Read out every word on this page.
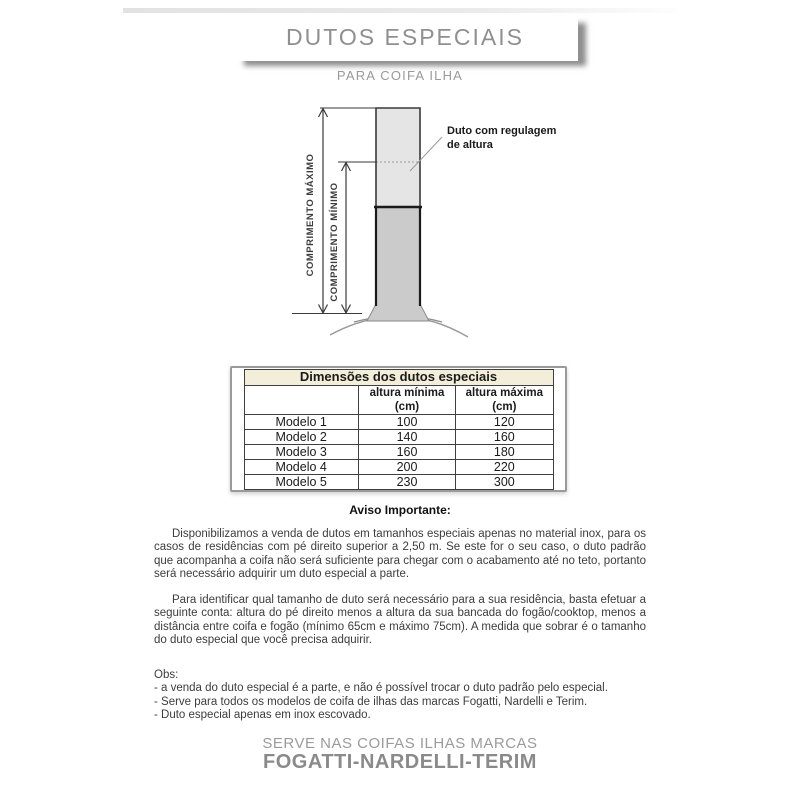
DUTOS ESPECIAIS
PARA COIFA ILHA
COMPRIMENTO MÁXIMO COMPRIMENTO MÍNIMO
Duto com regulagem
de altura
Dimensões dos dutos especiais		
	altura mínima (cm)	altura máxima (cm)
Modelo 1	100	120
Modelo 2	140	160
Modelo 3	160	180
Modelo 4	200	220
Modelo 5	230	300
Aviso Importante:

Disponibilizamos a venda de dutos em tamanhos especiais apenas no material inox, para os casos de residências com pé direito superior a 2,50 m. Se este for o seu caso, o duto padrão que acompanha a coifa não será suficiente para chegar com o acabamento até no teto, portanto será necessário adquirir um duto especial a parte.

Para identificar qual tamanho de duto será necessário para a sua residência, basta efetuar a seguinte conta: altura do pé direito menos a altura da sua bancada do fogão/cooktop, menos a distância entre coifa e fogão (mínimo 65cm e máximo 75cm). A medida que sobrar é o tamanho do duto especial que você precisa adquirir.

Obs:
- a venda do duto especial é a parte, e não é possível trocar o duto padrão pelo especial.
- Serve para todos os modelos de coifa de ilhas das marcas Fogatti, Nardelli e Terim.
- Duto especial apenas em inox escovado.
SERVE NAS COIFAS ILHAS MARCAS
FOGATTI-NARDELLI-TERIM
